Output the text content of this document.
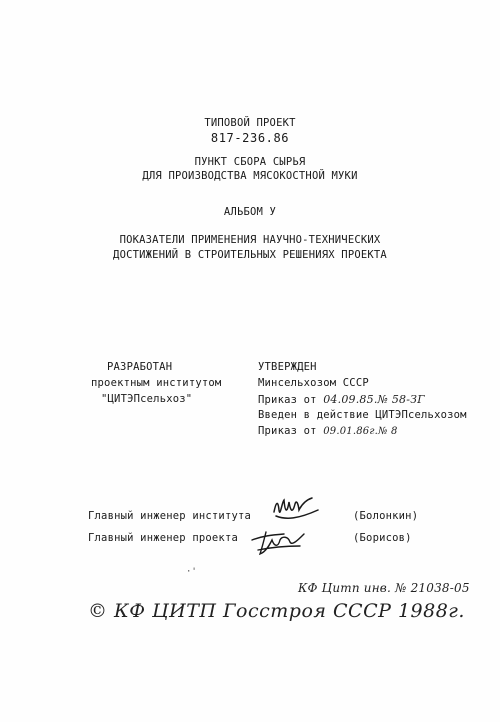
ТИПОВОЙ ПРОЕКТ
817-236.86
ПУНКТ СБОРА СЫРЬЯ
ДЛЯ ПРОИЗВОДСТВА МЯСОКОСТНОЙ МУКИ
АЛЬБОМ У
ПОКАЗАТЕЛИ ПРИМЕНЕНИЯ НАУЧНО-ТЕХНИЧЕСКИХ
ДОСТИЖЕНИЙ В СТРОИТЕЛЬНЫХ РЕШЕНИЯХ ПРОЕКТА
РАЗРАБОТАН
проектным институтом
"ЦИТЭПсельхоз"
УТВЕРЖДЕН
Минсельхозом СССР
Приказ от 04.09.85.№ 58-ЗГ
Введен в действие ЦИТЭПсельхозом
Приказ от 09.01.86г.№ 8
Главный инженер института	(Болонкин)
Главный инженер проекта	(Борисов)
·'
КФ Цитп инв. № 21038-05
© КФ ЦИТП Госстроя СССР 1988г.
